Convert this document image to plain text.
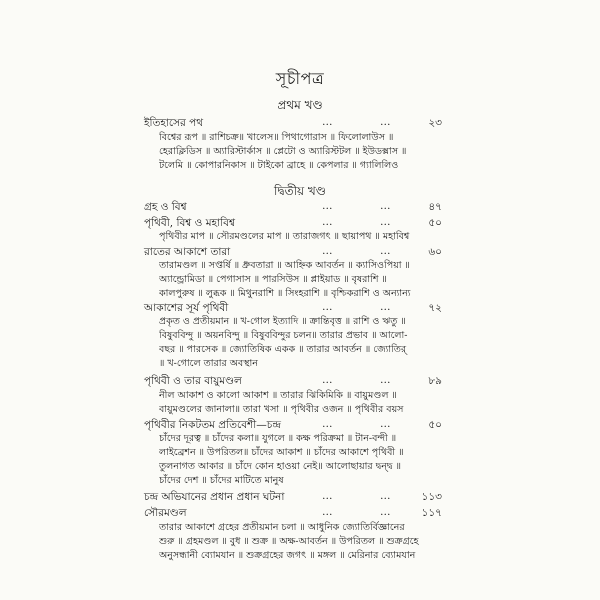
সূচীপত্র
প্রথম খণ্ড
ইতিহাসের পথ	…	…	২৩
বিশ্বের রূপ ॥ রাশিচক্র॥ খালেস॥ পিথাগোরাস ॥ ফিলোলাউস ॥
হেরাক্লিডিস ॥ অ্যারিস্টার্কাস ॥ প্লেটো ও অ্যারিস্টটল ॥ ইউডক্সাস ॥
টলেমি ॥ কোপারনিকাস ॥ টাইকো ব্রাহে ॥ কেপলার ॥ গ্যালিলিও
দ্বিতীয় খণ্ড
গ্রহ ও বিশ্ব	…	…	৪৭
পৃথিবী, বিশ্ব ও মহাবিশ্ব	…	…	৫০
পৃথিবীর মাপ ॥ সৌরমণ্ডলের মাপ ॥ তারাজগৎ ॥ ছায়াপথ ॥ মহাবিশ্ব
রাতের আকাশে তারা	…	…	৬০
তারামণ্ডল ॥ সপ্তর্ষি ॥ ধ্রুবতারা ॥ আহ্নিক আবর্তন ॥ ক্যাসিওপিয়া ॥
অ্যান্ড্রোমিডা ॥ পেগাসাস ॥ পারসিউস ॥ প্লাইয়াড ॥ বৃষরাশি ॥
কালপুরুষ ॥ লুব্ধক ॥ মিথুনরাশি ॥ সিংহরাশি ॥ বৃশ্চিকরাশি ও অন্যান্য
আকাশের সূর্য পৃথিবী	…	…	৭২
প্রকৃত ও প্রতীয়মান ॥ খ-গোল ইত্যাদি ॥ ক্রান্তিবৃত্ত ॥ রাশি ও ঋতু ॥
বিষুববিন্দু ॥ অয়নবিন্দু ॥ বিষুববিন্দুর চলন॥ তারার প্রভাব ॥ আলো-
বছর ॥ পারসেক ॥ জ্যোতিষিক একক ॥ তারার আবর্তন ॥ জ্যোতির্
॥ খ-গোলে তারার অবস্থান
পৃথিবী ও তার বায়ুমণ্ডল	…	…	৮৯
নীল আকাশ ও কালো আকাশ ॥ তারার ঝিকিমিকি ॥ বায়ুমণ্ডল ॥
বায়ুমণ্ডলের জানালা॥ তারা খসা ॥ পৃথিবীর ওজন ॥ পৃথিবীর বয়স
পৃথিবীর নিকটতম প্রতিবেশী—চন্দ্র	…	…	৫০
চাঁদের দূরত্ব ॥ চাঁদের কলা॥ যুগলে ॥ কক্ষ পরিক্রমা ॥ টান-বন্দী ॥
লাইব্রেশন ॥ উপরিতল॥ চাঁদের আকাশ ॥ চাঁদের আকাশে পৃথিবী ॥
তুলনাগত আকার ॥ চাঁদে কোন হাওয়া নেই॥ আলোছায়ার দ্বন্দ্ব ॥
চাঁদের দেশ ॥ চাঁদের মাটিতে মানুষ
চন্দ্র অভিযানের প্রধান প্রধান ঘটনা	…	…	১১৩
সৌরমণ্ডল	…	…	১১৭
তারার আকাশে গ্রহের প্রতীয়মান চলা ॥ আধুনিক জ্যোতির্বিজ্ঞানের
শুরু ॥ গ্রহমণ্ডল ॥ বুধ ॥ শুক্র ॥ অক্ষ-আবর্তন ॥ উপরিতল ॥ শুক্রগ্রহে
অনুসন্ধানী ব্যোমযান ॥ শুক্রগ্রহের জগৎ ॥ মঙ্গল ॥ মেরিনার ব্যোমযান
